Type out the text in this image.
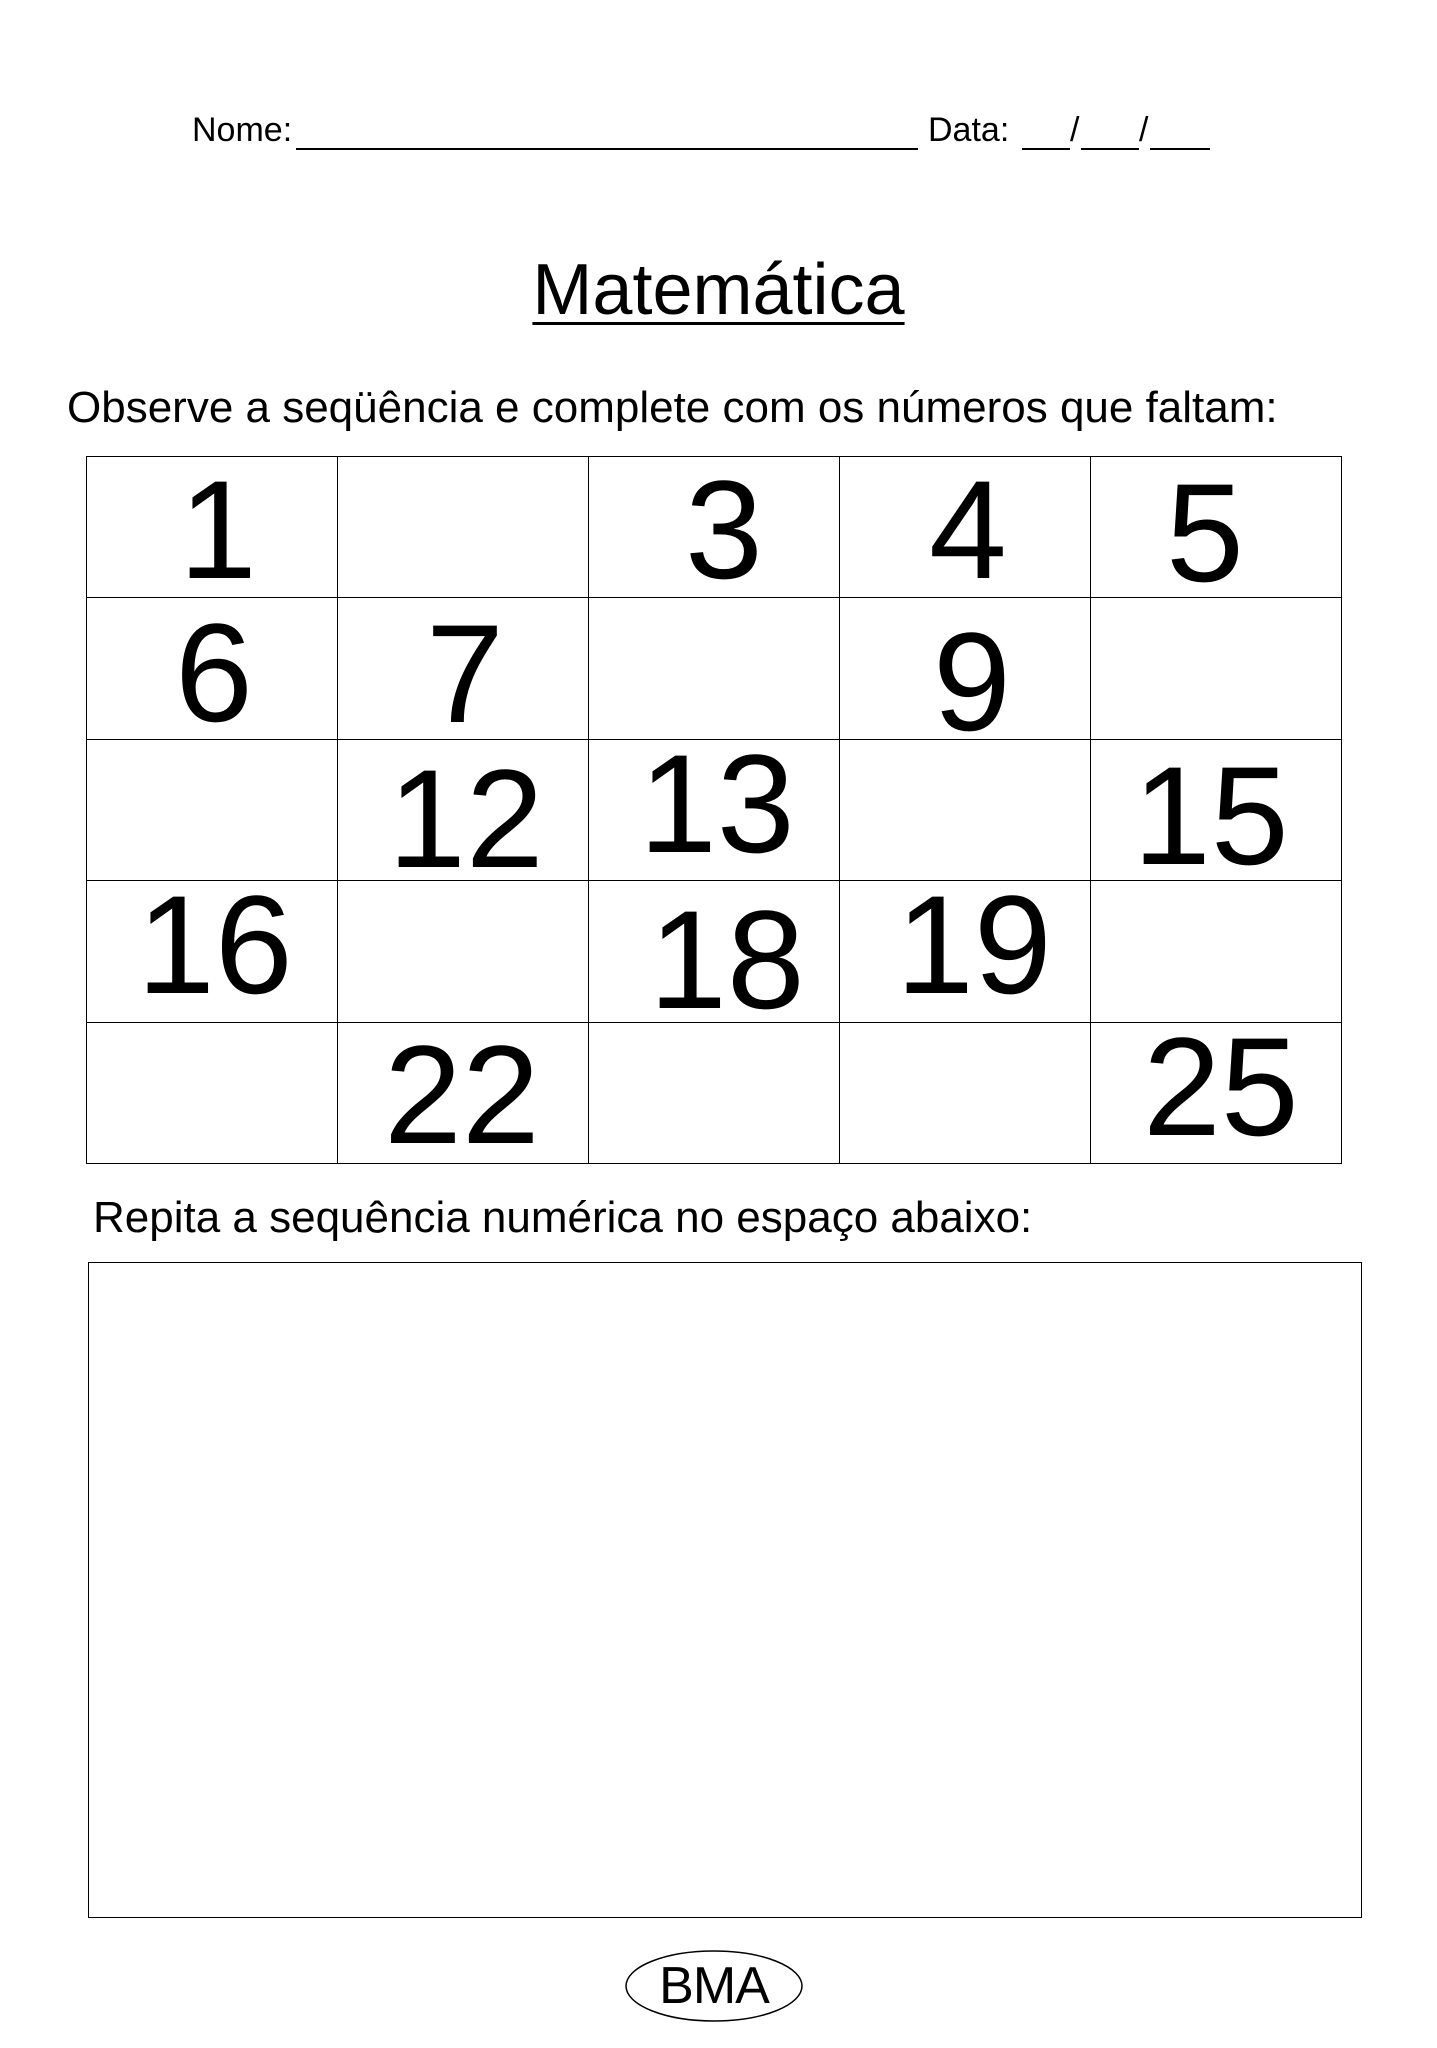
Nome:	Data: / /
Matemática
Observe a seqüência e complete com os números que faltam:
1		3	4	5

6	7		9	

	12	13		15

16		18	19	

	22			25
Repita a sequência numérica no espaço abaixo:
BMA
